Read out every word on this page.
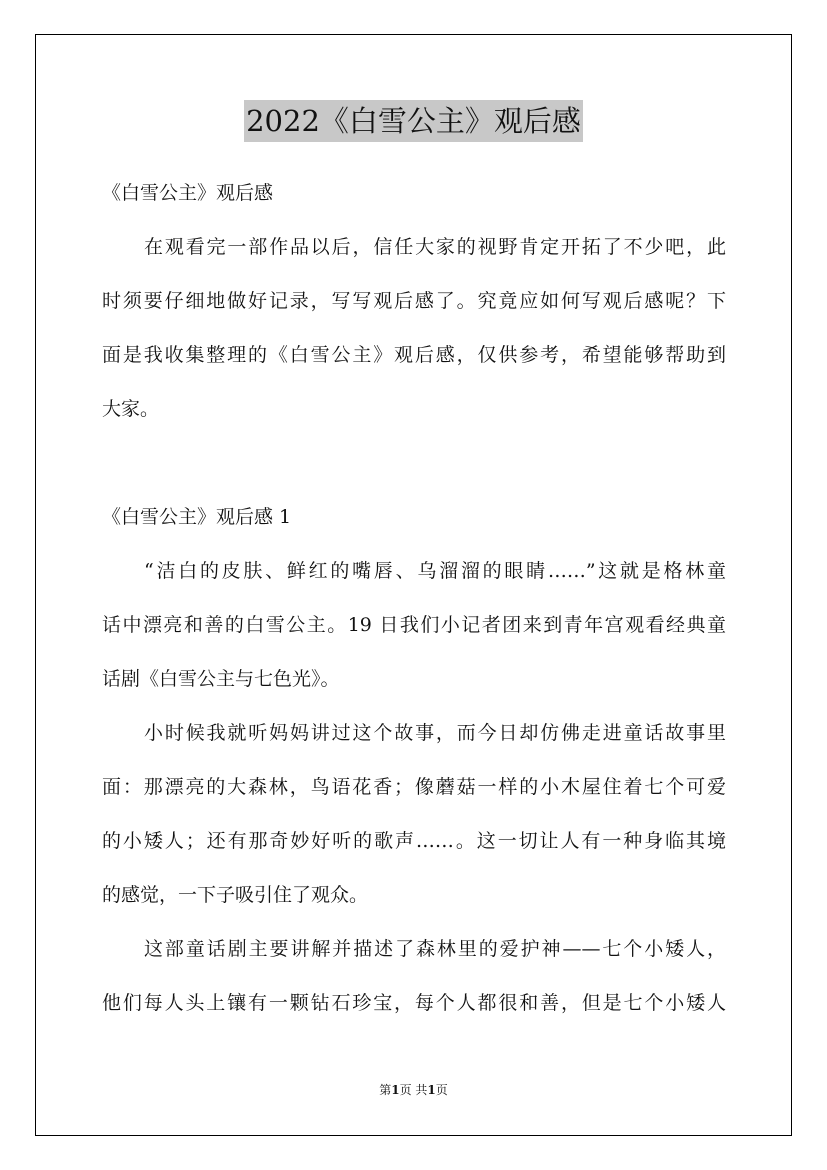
2022《白雪公主》观后感
《白雪公主》观后感
在观看完一部作品以后，信任大家的视野肯定开拓了不少吧，此
时须要仔细地做好记录，写写观后感了。究竟应如何写观后感呢？下
面是我收集整理的《白雪公主》观后感，仅供参考，希望能够帮助到
大家。
《白雪公主》观后感 1
“洁白的皮肤、鲜红的嘴唇、乌溜溜的眼睛……”这就是格林童
话中漂亮和善的白雪公主。19 日我们小记者团来到青年宫观看经典童
话剧《白雪公主与七色光》。
小时候我就听妈妈讲过这个故事，而今日却仿佛走进童话故事里
面：那漂亮的大森林，鸟语花香；像蘑菇一样的小木屋住着七个可爱
的小矮人；还有那奇妙好听的歌声……。这一切让人有一种身临其境
的感觉，一下子吸引住了观众。
这部童话剧主要讲解并描述了森林里的爱护神——七个小矮人，
他们每人头上镶有一颗钻石珍宝，每个人都很和善，但是七个小矮人
第1页 共1页
